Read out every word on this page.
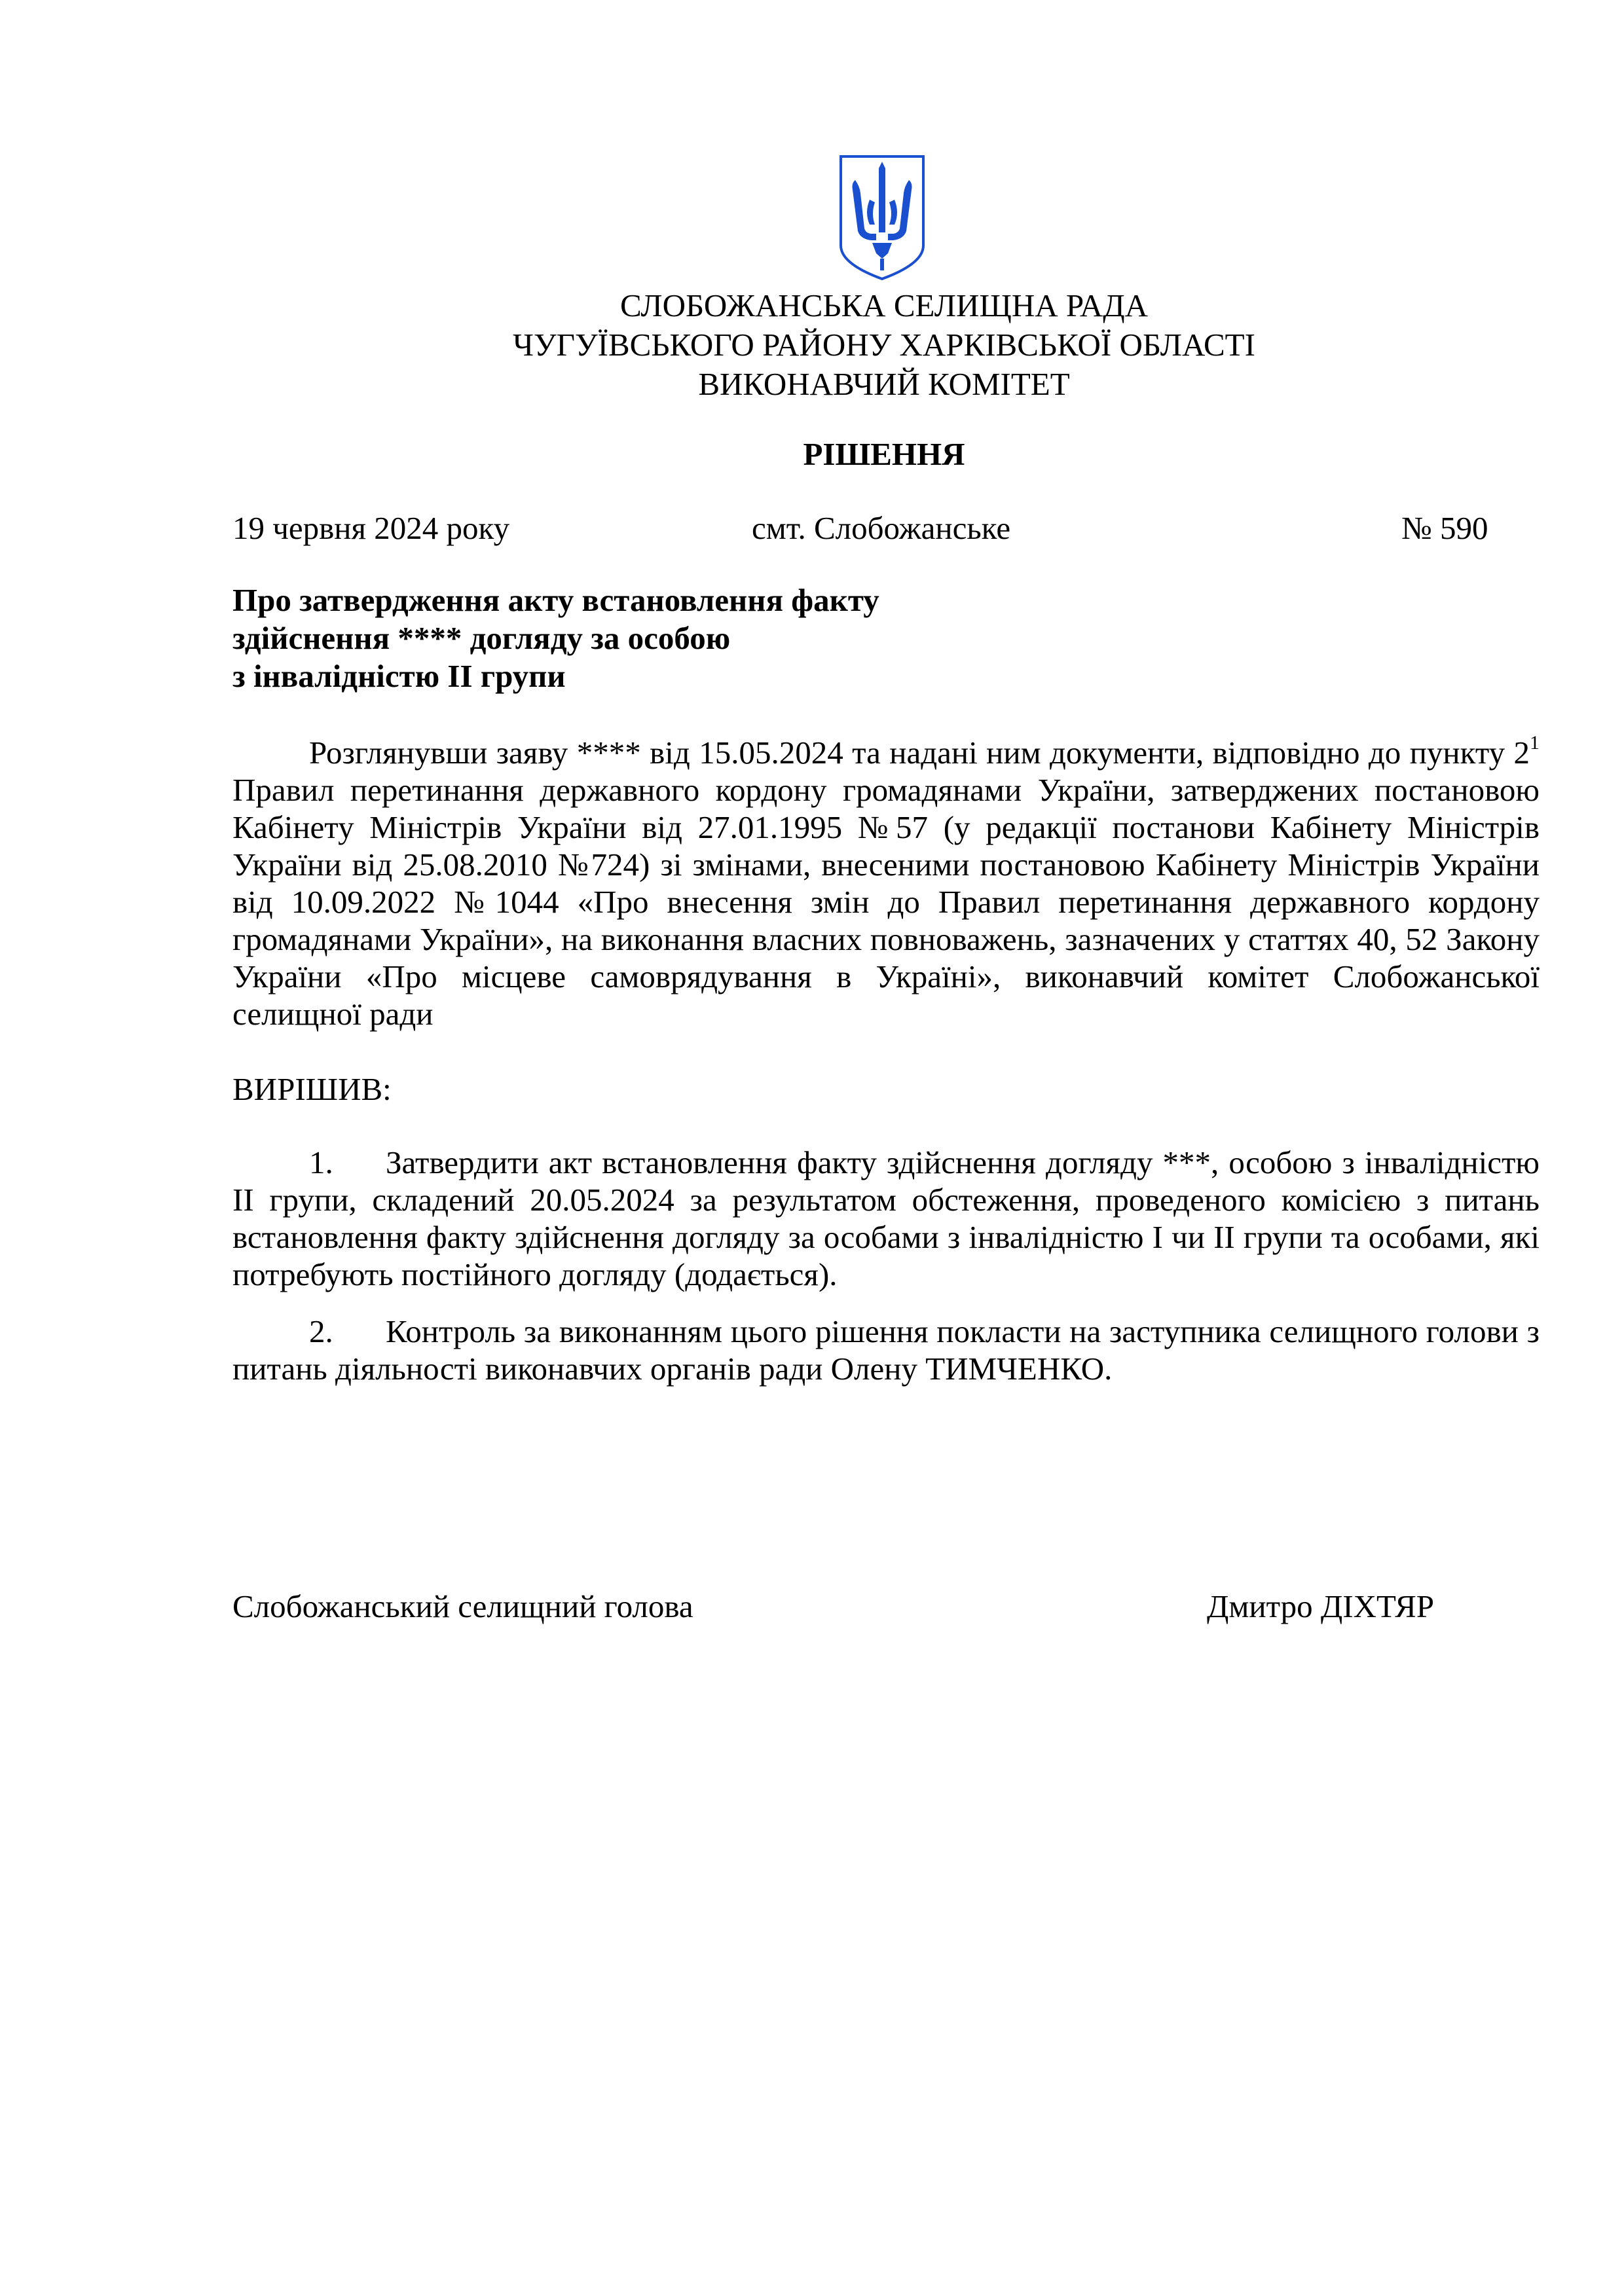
СЛОБОЖАНСЬКА СЕЛИЩНА РАДА
ЧУГУЇВСЬКОГО РАЙОНУ ХАРКІВСЬКОЇ ОБЛАСТІ
ВИКОНАВЧИЙ КОМІТЕТ
РІШЕННЯ
19 червня 2024 року	смт. Слобожанське	№ 590
Про затвердження акту встановлення факту
здійснення **** догляду за особою
з інвалідністю ІІ групи
Розглянувши заяву **** від 15.05.2024 та надані ним документи, відповідно до пункту $2^1$ Правил перетинання державного кордону громадянами України, затверджених постановою Кабінету Міністрів України від 27.01.1995 №57 (у редакції постанови Кабінету Міністрів України від 25.08.2010 №724) зі змінами, внесеними постановою Кабінету Міністрів України від 10.09.2022 №1044 «Про внесення змін до Правил перетинання державного кордону громадянами України», на виконання власних повноважень, зазначених у статтях 40, 52 Закону України «Про місцеве самоврядування в Україні», виконавчий комітет Слобожанської селищної ради
ВИРІШИВ:
1. Затвердити акт встановлення факту здійснення догляду ***, особою з інвалідністю ІІ групи, складений 20.05.2024 за результатом обстеження, проведеного комісією з питань встановлення факту здійснення догляду за особами з інвалідністю І чи ІІ групи та особами, які потребують постійного догляду (додається).
2. Контроль за виконанням цього рішення покласти на заступника селищного голови з питань діяльності виконавчих органів ради Олену ТИМЧЕНКО.
Слобожанський селищний голова	Дмитро ДІХТЯР
